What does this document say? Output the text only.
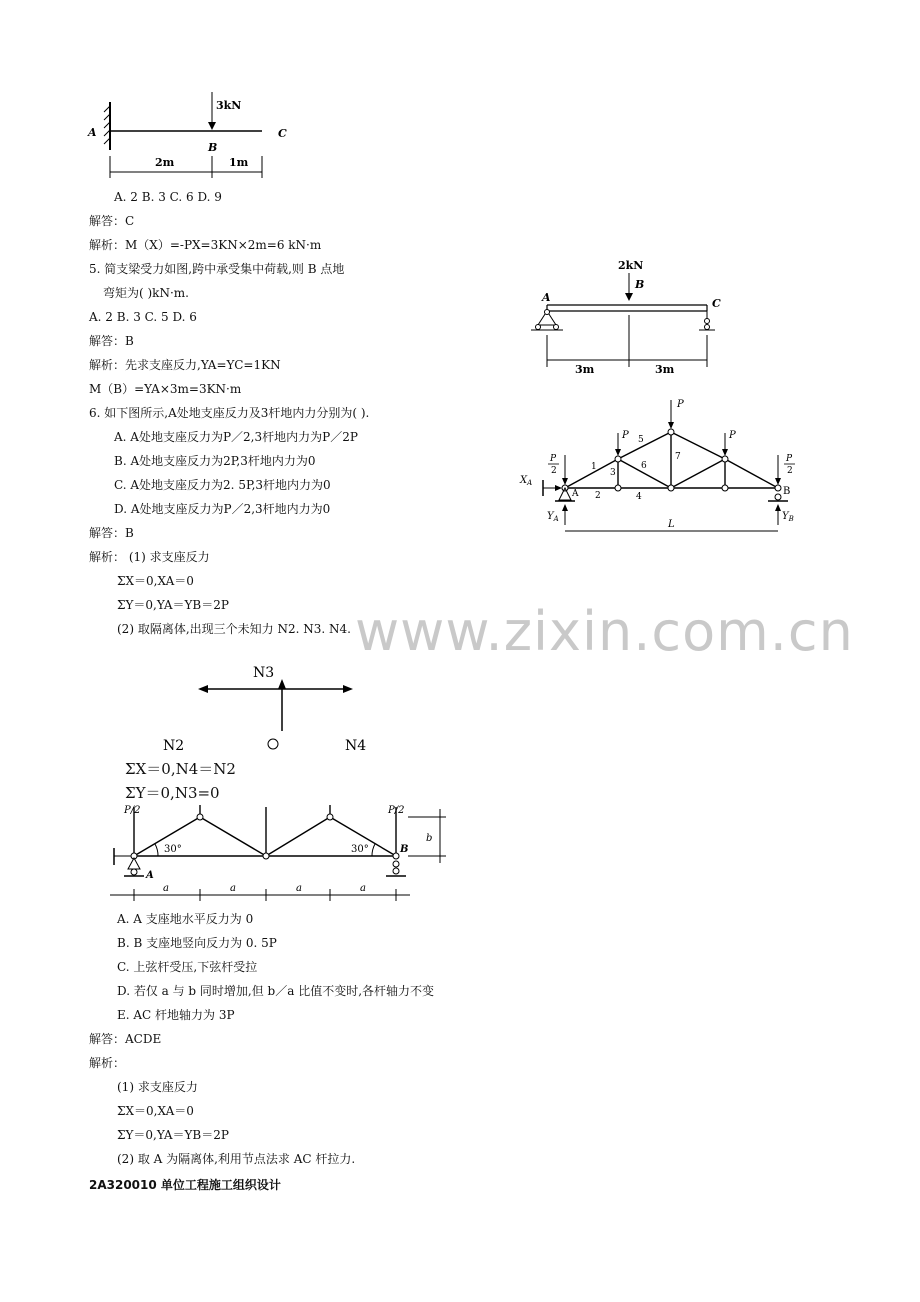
www.zixin.com.cn
3kN
A
B
C
2m	1m
A. 2 B. 3 C. 6 D. 9
解答：C
解析：M（X）=-PX=3KN×2m=6 kN·m
5. 简支梁受力如图,跨中承受集中荷载,则 B 点地
弯矩为( )kN·m.
A. 2 B. 3 C. 5 D. 6
解答：B
解析：先求支座反力,YA=YC=1KN
M（B）=YA×3m=3KN·m
2kN
B
A	C
3m	3m
6. 如下图所示,A处地支座反力及3杆地内力分别为( ).
A. A处地支座反力为P／2,3杆地内力为P／2P
B. A处地支座反力为2P,3杆地内力为0
C. A处地支座反力为2. 5P,3杆地内力为0
D. A处地支座反力为P／2,3杆地内力为0
解答：B
解析： (1) 求支座反力
ΣX＝0,XA＝0
ΣY＝0,YA＝YB＝2P
(2) 取隔离体,出现三个未知力 N2. N3. N4.
P
P	P
P
2
P
2
1
2
3
4
5
6
7
$X_A$
A
$Y_A$
B
$Y_B$
L
N3
N2	N4
ΣX＝0,N4＝N2
ΣY＝0,N3=0
P/2	P/2
30°	30°
A
B
b
a	a	a	a
A. A 支座地水平反力为 0
B. B 支座地竖向反力为 0. 5P
C. 上弦杆受压,下弦杆受拉
D. 若仅 a 与 b 同时增加,但 b／a 比值不变时,各杆轴力不变
E. AC 杆地轴力为 3P
解答：ACDE
解析：
(1) 求支座反力
ΣX＝0,XA＝0
ΣY＝0,YA＝YB＝2P
(2) 取 A 为隔离体,利用节点法求 AC 杆拉力.
2A320010 单位工程施工组织设计
